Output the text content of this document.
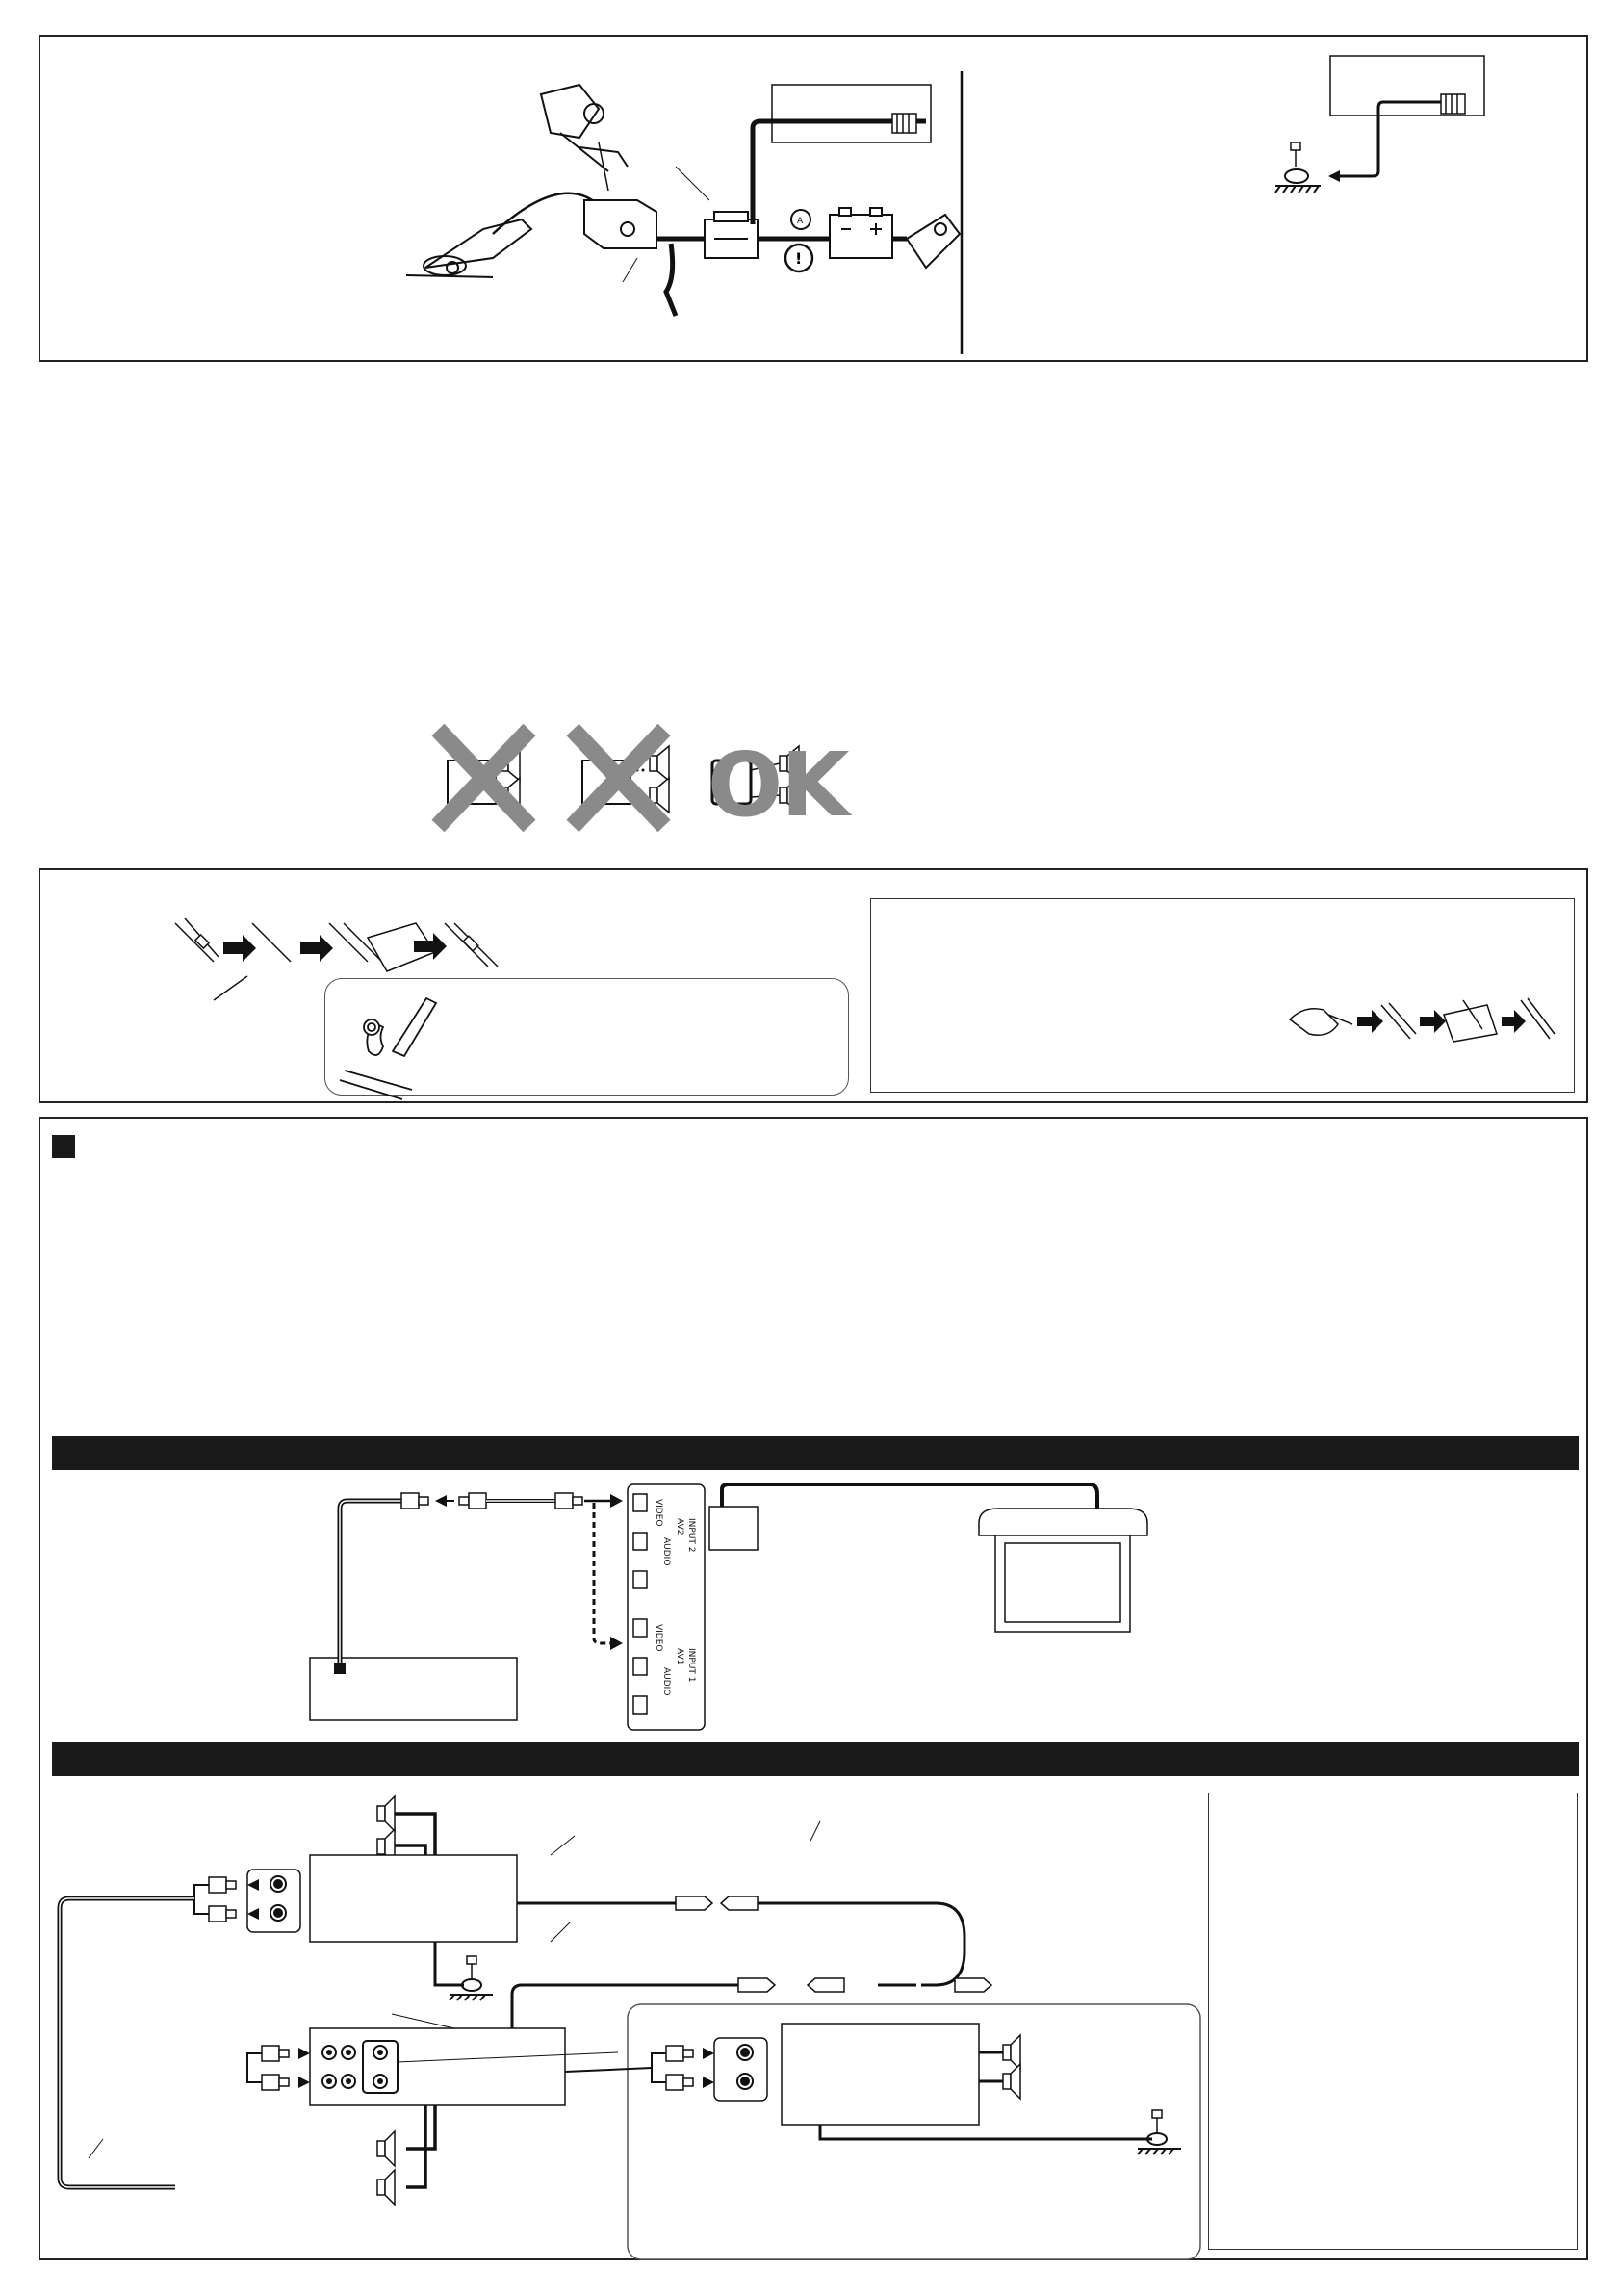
A
!
OK
VIDEO
AUDIO
AV2 INPUT 2
VIDEO
AUDIO
AV1 INPUT 1
